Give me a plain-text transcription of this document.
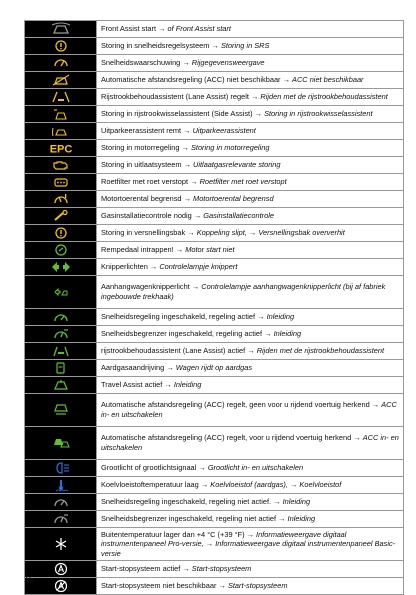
Front Assist start → of Front Assist start
Storing in snelheidsregelsysteem → Storing in SRS
Snelheidswaarschuwing → Rijgegevensweergave
Automatische afstandsregeling (ACC) niet beschikbaar → ACC niet beschikbaar
Rijstrookbehoudassistent (Lane Assist) regelt → Rijden met de rijstrookbehoudassistent
Storing in rijstrookwisselassistent (Side Assist) → Storing in rijstrookwisselassistent
Uitparkeerassistent remt → Uitparkeerassistent
EPC	Storing in motorregeling → Storing in motorregeling
Storing in uitlaatsysteem → Uitlaatgasrelevante storing
Roetfilter met roet verstopt → Roetfilter met roet verstopt
Motortoerental begrensd → Motortoerental begrensd
Gasinstallatiecontrole nodig → Gasinstallatiecontrole
Storing in versnellingsbak → Koppeling slipt, → Versnellingsbak oververhit
Rempedaal intrappen! → Motor start niet
Knipperlichten → Controlelampje knippert
Aanhangwagenknipperlicht → Controlelampje aanhangwagenknipperlicht (bij af fabriek ingebouwde trekhaak)
Snelheidsregeling ingeschakeld, regeling actief → Inleiding
Snelheidsbegrenzer ingeschakeld, regeling actief → Inleiding
rijstrookbehoudassistent (Lane Assist) actief → Rijden met de rijstrookbehoudassistent
Aardgasaandrijving → Wagen rijdt op aardgas
Travel Assist actief → Inleiding
Automatische afstandsregeling (ACC) regelt, geen voor u rijdend voertuig herkend → ACC in- en uitschakelen
Automatische afstandsregeling (ACC) regelt, voor u rijdend voertuig herkend → ACC in- en uitschakelen
Grootlicht of grootlichtsignaal → Grootlicht in- en uitschakelen
Koelvloeistoftemperatuur laag → Koelvloeistof (aardgas), → Koelvloeistof
Snelheidsregeling ingeschakeld, regeling niet actief. → Inleiding
Snelheidsbegrenzer ingeschakeld, regeling niet actief → Inleiding
Buitentemperatuur lager dan +4 °C (+39 °F) → Informatieweergave digitaal instrumentenpaneel Pro-versie, → Informatieweergave digitaal instrumentenpaneel Basic-versie
Start-stopsysteem actief → Start-stopsysteem
Start-stopsysteem niet beschikbaar → Start-stopsysteem
16
